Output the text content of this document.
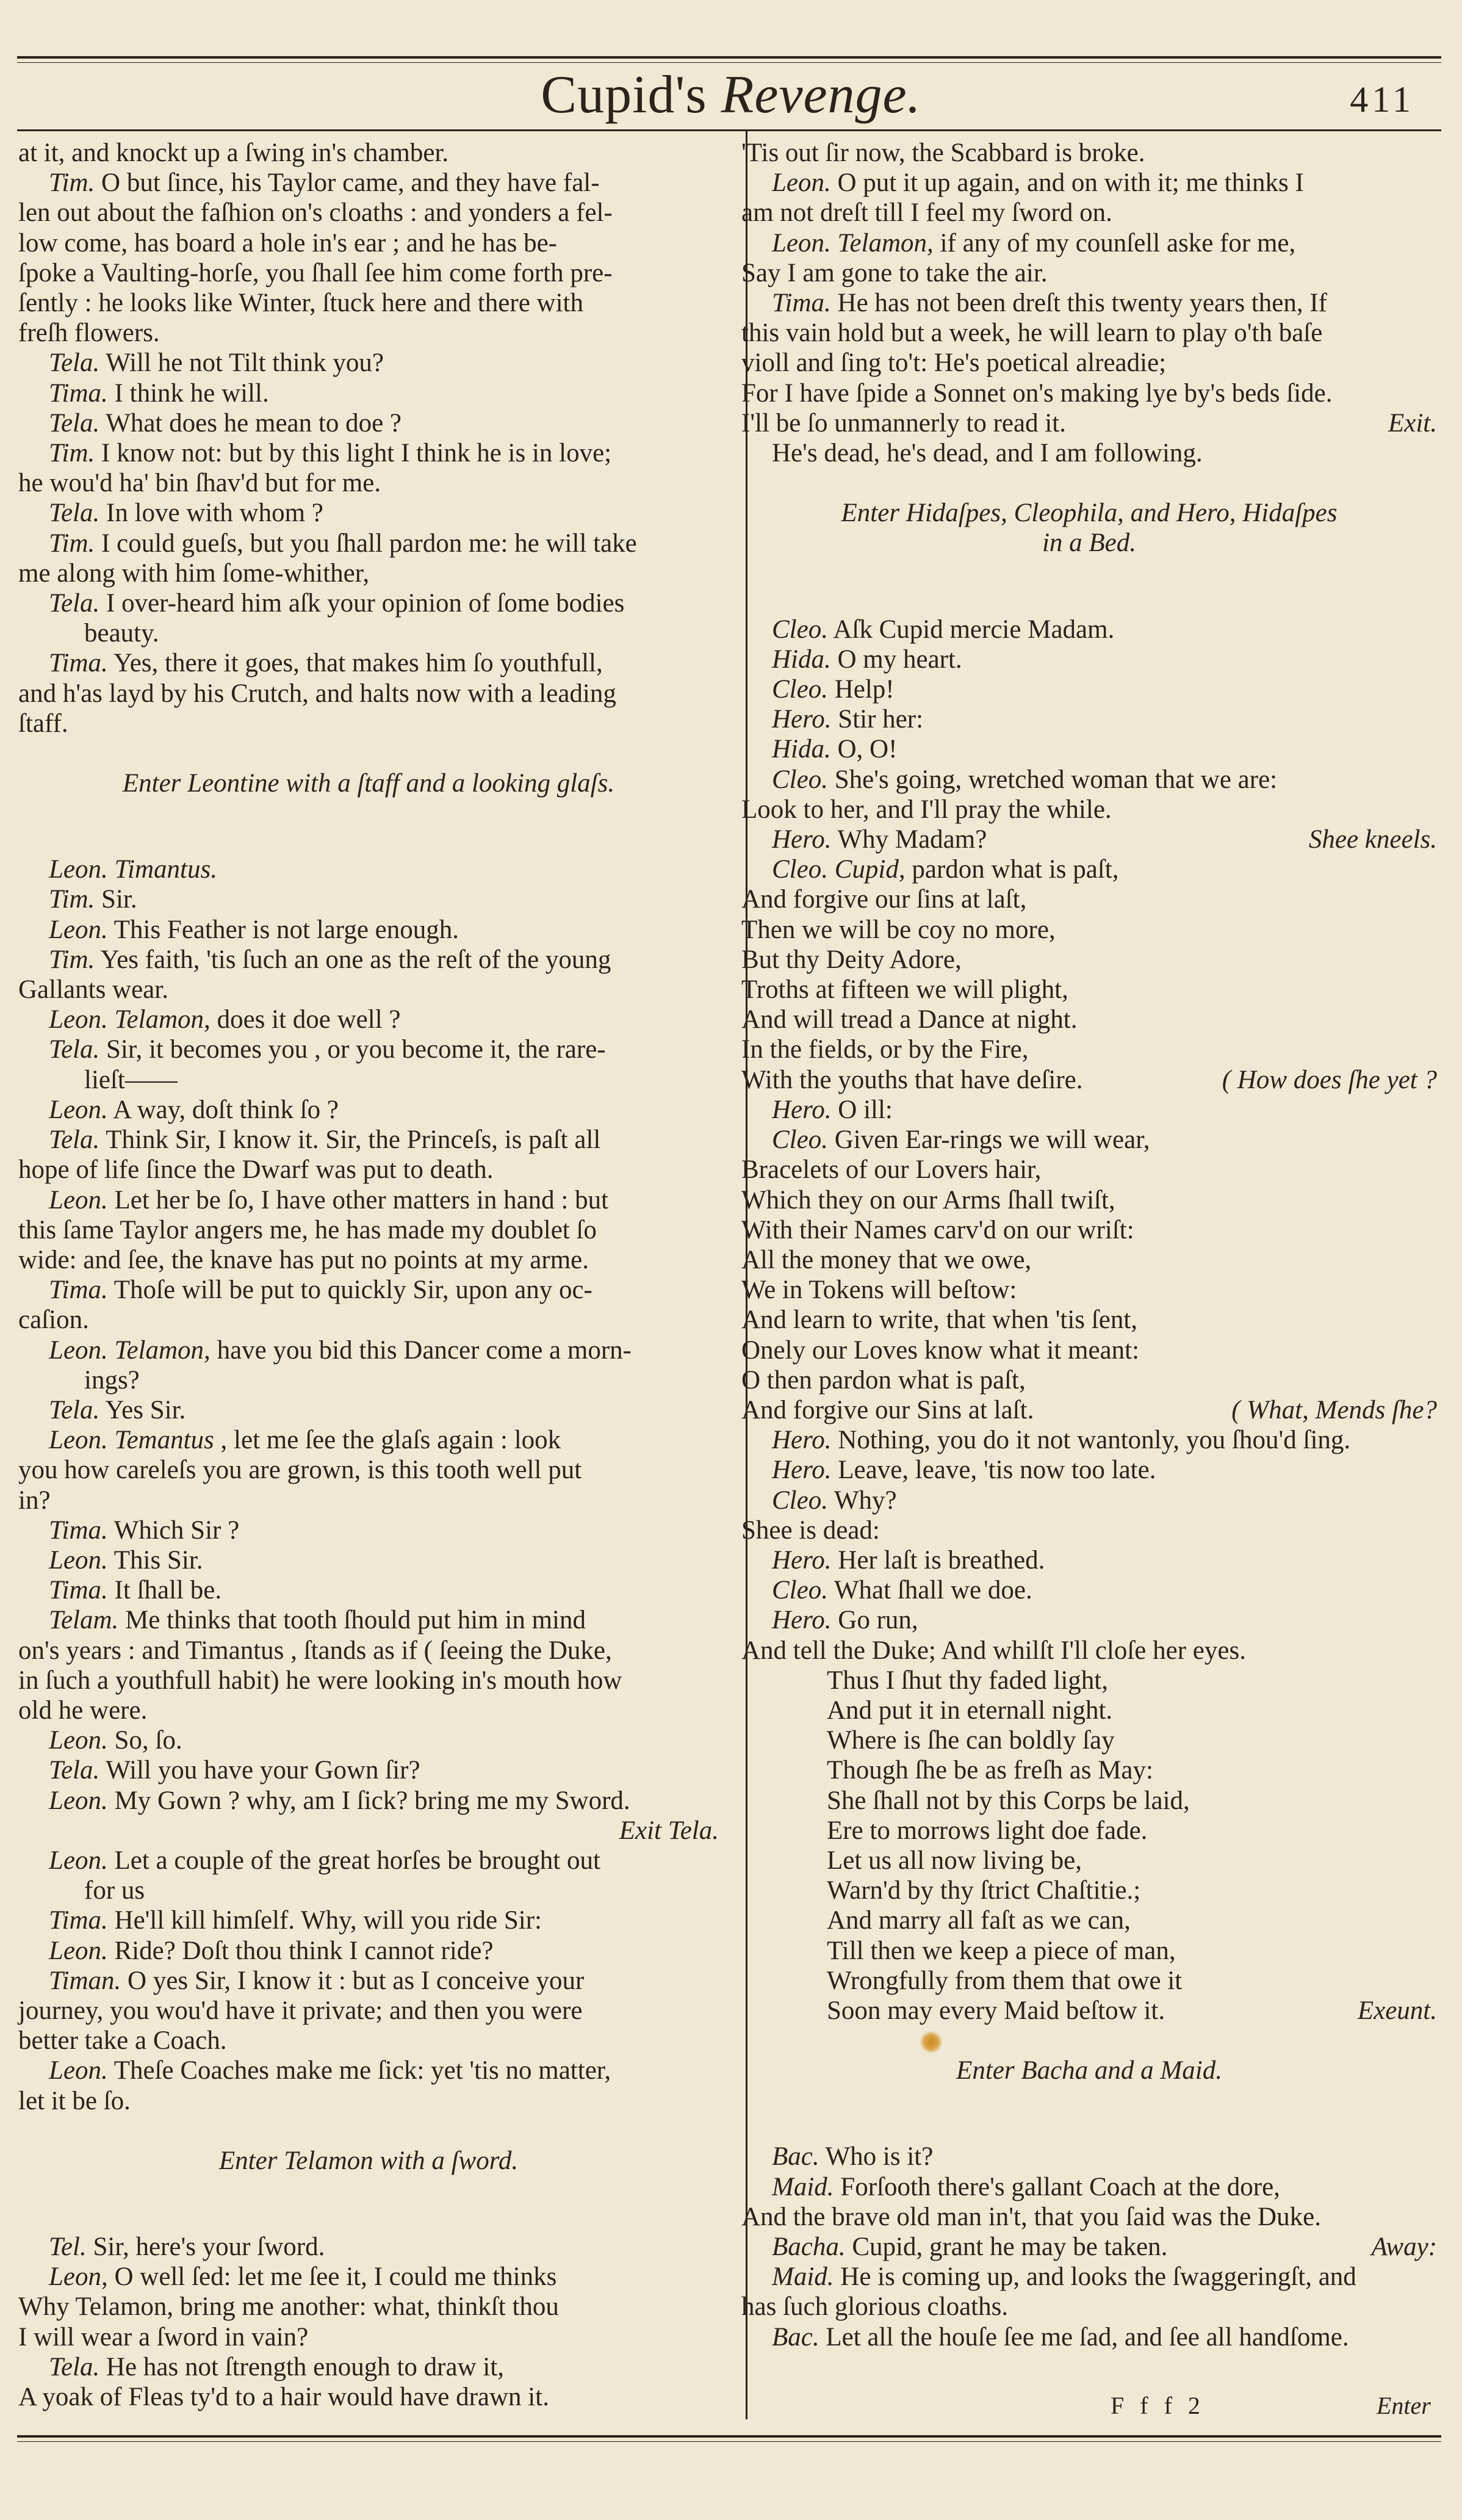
Cupid's Revenge.	411

at it, and knockt up a ſwing in's chamber.

Tim. O but ſince, his Taylor came, and they have fal-

len out about the faſhion on's cloaths : and yonders a fel-

low come, has board a hole in's ear ; and he has be-

ſpoke a Vaulting-horſe, you ſhall ſee him come forth pre-

ſently : he looks like Winter, ſtuck here and there with

freſh flowers.

Tela. Will he not Tilt think you?

Tima. I think he will.

Tela. What does he mean to doe ?

Tim. I know not: but by this light I think he is in love;

he wou'd ha' bin ſhav'd but for me.

Tela. In love with whom ?

Tim. I could gueſs, but you ſhall pardon me: he will take

me along with him ſome-whither,

Tela. I over-heard him aſk your opinion of ſome bodies

beauty.

Tima. Yes, there it goes, that makes him ſo youthfull,

and h'as layd by his Crutch, and halts now with a leading

ſtaff.

Enter Leontine with a ſtaff and a looking glaſs.

Leon. Timantus.

Tim. Sir.

Leon. This Feather is not large enough.

Tim. Yes faith, 'tis ſuch an one as the reſt of the young

Gallants wear.

Leon. Telamon, does it doe well ?

Tela. Sir, it becomes you , or you become it, the rare-

lieſt——

Leon. A way, doſt think ſo ?

Tela. Think Sir, I know it. Sir, the Princeſs, is paſt all

hope of life ſince the Dwarf was put to death.

Leon. Let her be ſo, I have other matters in hand : but

this ſame Taylor angers me, he has made my doublet ſo

wide: and ſee, the knave has put no points at my arme.

Tima. Thoſe will be put to quickly Sir, upon any oc-

caſion.

Leon. Telamon, have you bid this Dancer come a morn-

ings?

Tela. Yes Sir.

Leon. Temantus , let me ſee the glaſs again : look

you how careleſs you are grown, is this tooth well put

in?

Tima. Which Sir ?

Leon. This Sir.

Tima. It ſhall be.

Telam. Me thinks that tooth ſhould put him in mind

on's years : and Timantus , ſtands as if ( ſeeing the Duke,

in ſuch a youthfull habit) he were looking in's mouth how

old he were.

Leon. So, ſo.

Tela. Will you have your Gown ſir?

Leon. My Gown ? why, am I ſick? bring me my Sword.

Exit Tela.

Leon. Let a couple of the great horſes be brought out

for us

Tima. He'll kill himſelf. Why, will you ride Sir:

Leon. Ride? Doſt thou think I cannot ride?

Timan. O yes Sir, I know it : but as I conceive your

journey, you wou'd have it private; and then you were

better take a Coach.

Leon. Theſe Coaches make me ſick: yet 'tis no matter,

let it be ſo.

Enter Telamon with a ſword.

Tel. Sir, here's your ſword.

Leon, O well ſed: let me ſee it, I could me thinks

Why Telamon, bring me another: what, thinkſt thou

I will wear a ſword in vain?

Tela. He has not ſtrength enough to draw it,

A yoak of Fleas ty'd to a hair would have drawn it.

'Tis out ſir now, the Scabbard is broke.

Leon. O put it up again, and on with it; me thinks I

am not dreſt till I feel my ſword on.

Leon. Telamon, if any of my counſell aske for me,

Say I am gone to take the air.

Tima. He has not been dreſt this twenty years then, If

this vain hold but a week, he will learn to play o'th baſe

violl and ſing to't: He's poetical alreadie;

For I have ſpide a Sonnet on's making lye by's beds ſide.

I'll be ſo unmannerly to read it.	Exit.

He's dead, he's dead, and I am following.

Enter Hidaſpes, Cleophila, and Hero, Hidaſpes

in a Bed.

Cleo. Aſk Cupid mercie Madam.

Hida. O my heart.

Cleo. Help!

Hero. Stir her:

Hida. O, O!

Cleo. She's going, wretched woman that we are:

Look to her, and I'll pray the while.

Hero. Why Madam?	Shee kneels.

Cleo. Cupid, pardon what is paſt,

And forgive our ſins at laſt,

Then we will be coy no more,

But thy Deity Adore,

Troths at fifteen we will plight,

And will tread a Dance at night.

In the fields, or by the Fire,

With the youths that have deſire.	( How does ſhe yet ?

Hero. O ill:

Cleo. Given Ear-rings we will wear,

Bracelets of our Lovers hair,

Which they on our Arms ſhall twiſt,

With their Names carv'd on our wriſt:

All the money that we owe,

We in Tokens will beſtow:

And learn to write, that when 'tis ſent,

Onely our Loves know what it meant:

O then pardon what is paſt,

And forgive our Sins at laſt.	( What, Mends ſhe?

Hero. Nothing, you do it not wantonly, you ſhou'd ſing.

Hero. Leave, leave, 'tis now too late.

Cleo. Why?

Shee is dead:

Hero. Her laſt is breathed.

Cleo. What ſhall we doe.

Hero. Go run,

And tell the Duke; And whilſt I'll cloſe her eyes.

Thus I ſhut thy faded light,

And put it in eternall night.

Where is ſhe can boldly ſay

Though ſhe be as freſh as May:

She ſhall not by this Corps be laid,

Ere to morrows light doe fade.

Let us all now living be,

Warn'd by thy ſtrict Chaſtitie.;

And marry all faſt as we can,

Till then we keep a piece of man,

Wrongfully from them that owe it

Soon may every Maid beſtow it.	Exeunt.

Enter Bacha and a Maid.

Bac. Who is it?

Maid. Forſooth there's gallant Coach at the dore,

And the brave old man in't, that you ſaid was the Duke.

Bacha. Cupid, grant he may be taken.	Away:

Maid. He is coming up, and looks the ſwaggeringſt, and

has ſuch glorious cloaths.

Bac. Let all the houſe ſee me ſad, and ſee all handſome.

F f f 2	Enter
